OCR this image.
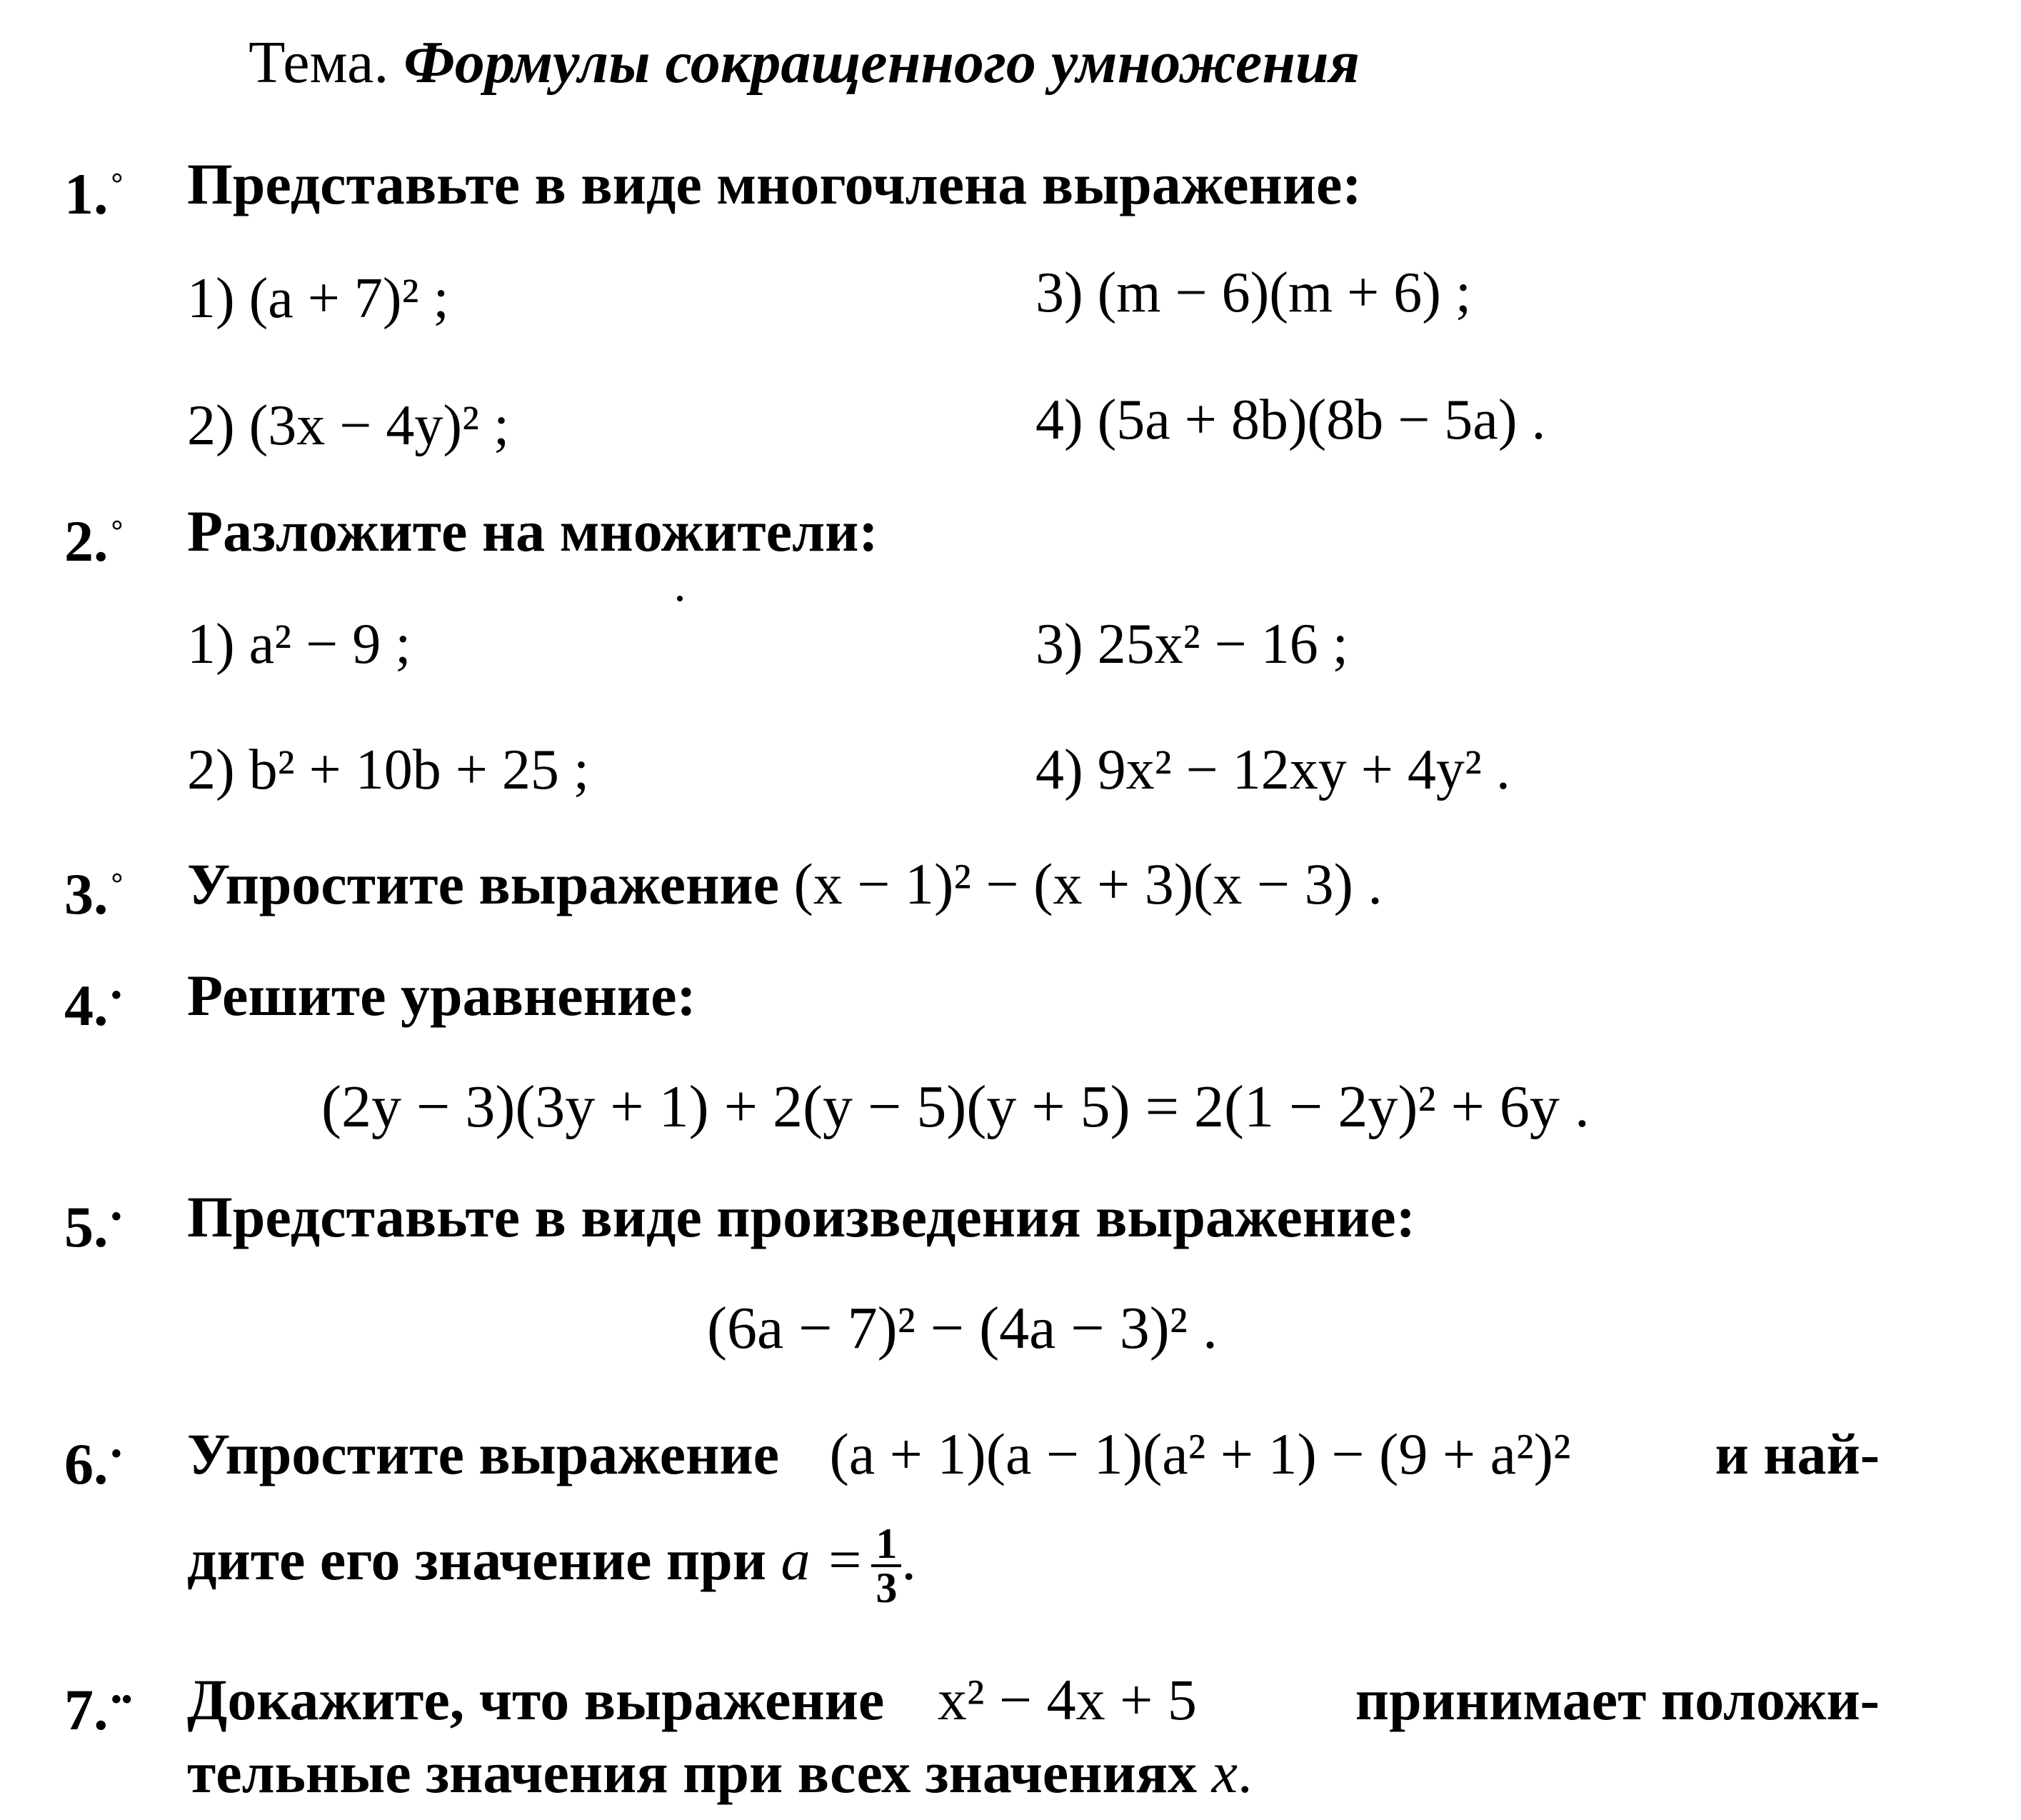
Тема. Формулы сокращенного умножения
1.° Представьте в виде многочлена выражение:
1) (a + 7)² ;
2) (3x − 4y)² ;
3) (m − 6)(m + 6) ;
4) (5a + 8b)(8b − 5a) .
2.° Разложите на множители:
1) a² − 9 ;
2) b² + 10b + 25 ;
3) 25x² − 16 ;
4) 9x² − 12xy + 4y² .
3.° Упростите выражение (x − 1)² − (x + 3)(x − 3) .
4.• Решите уравнение:
(2y − 3)(3y + 1) + 2(y − 5)(y + 5) = 2(1 − 2y)² + 6y .
5.• Представьте в виде произведения выражение:
(6a − 7)² − (4a − 3)² .
6.• Упростите выражение (a + 1)(a − 1)(a² + 1) − (9 + a²)² и най-
дите его значение при $a = \frac{1}{3}$ .
7.•• Докажите, что выражение x² − 4x + 5	принимает положи-
тельные значения при всех значениях x.
